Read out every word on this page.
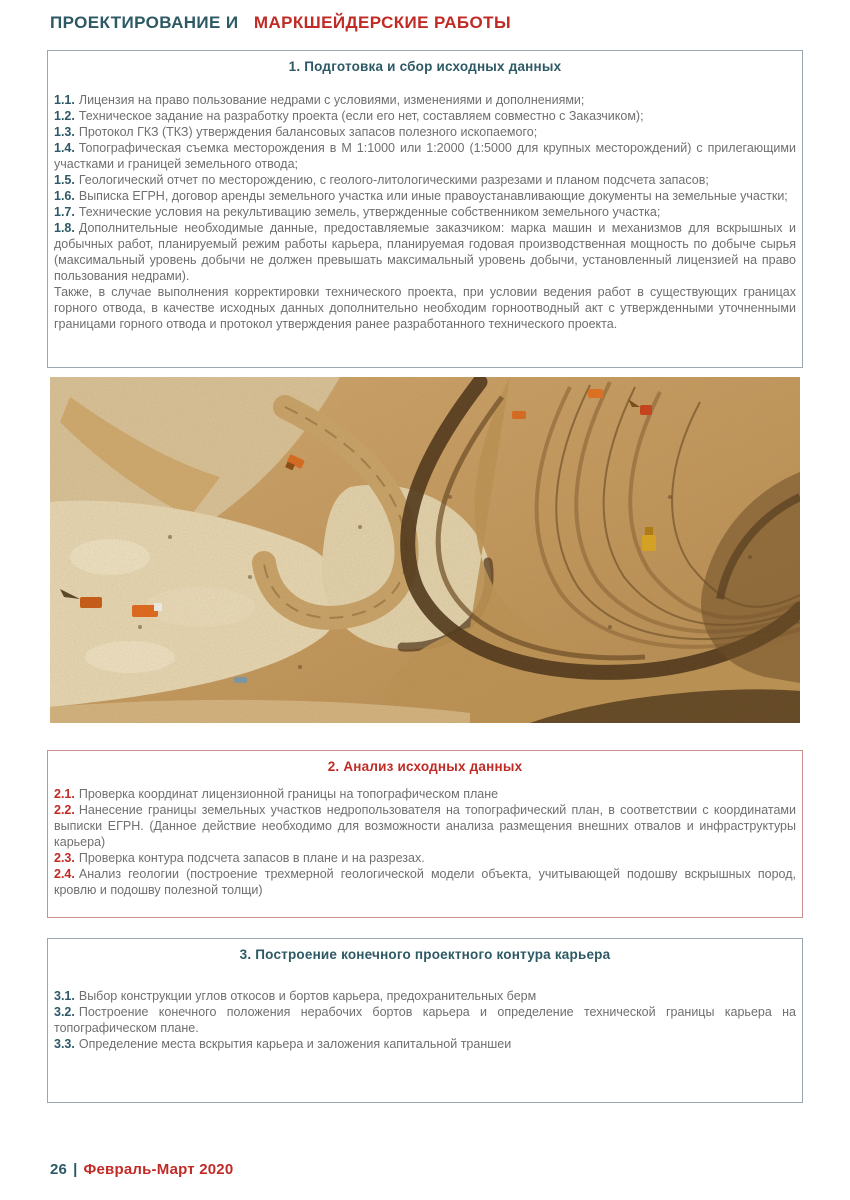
ПРОЕКТИРОВАНИЕ И МАРКШЕЙДЕРСКИЕ РАБОТЫ

1. Подготовка и сбор исходных данных

1.1. Лицензия на право пользование недрами с условиями, изменениями и дополнениями;

1.2. Техническое задание на разработку проекта (если его нет, составляем совместно с Заказчиком);

1.3. Протокол ГКЗ (ТКЗ) утверждения балансовых запасов полезного ископаемого;

1.4. Топографическая съемка месторождения в М 1:1000 или 1:2000 (1:5000 для крупных месторождений) с прилегающими участками и границей земельного отвода;

1.5. Геологический отчет по месторождению, с геолого-литологическими разрезами и планом подсчета запасов;

1.6. Выписка ЕГРН, договор аренды земельного участка или иные правоустанавливающие документы на земельные участки;

1.7. Технические условия на рекультивацию земель, утвержденные собственником земельного участка;

1.8. Дополнительные необходимые данные, предоставляемые заказчиком: марка машин и механизмов для вскрышных и добычных работ, планируемый режим работы карьера, планируемая годовая производственная мощность по добыче сырья (максимальный уровень добычи не должен превышать максимальный уровень добычи, установленный лицензией на право пользования недрами).

Также, в случае выполнения корректировки технического проекта, при условии ведения работ в существующих границах горного отвода, в качестве исходных данных дополнительно необходим горноотводный акт с утвержденными уточненными границами горного отвода и протокол утверждения ранее разработанного технического проекта.

2. Анализ исходных данных

2.1. Проверка координат лицензионной границы на топографическом плане

2.2. Нанесение границы земельных участков недропользователя на топографический план, в соответствии с координатами выписки ЕГРН. (Данное действие необходимо для возможности анализа размещения внешних отвалов и инфраструктуры карьера)

2.3. Проверка контура подсчета запасов в плане и на разрезах.

2.4. Анализ геологии (построение трехмерной геологической модели объекта, учитывающей подошву вскрышных пород, кровлю и подошву полезной толщи)

3. Построение конечного проектного контура карьера

3.1. Выбор конструкции углов откосов и бортов карьера, предохранительных берм

3.2. Построение конечного положения нерабочих бортов карьера и определение технической границы карьера на топографическом плане.

3.3. Определение места вскрытия карьера и заложения капитальной траншеи

26 | Февраль-Март 2020
